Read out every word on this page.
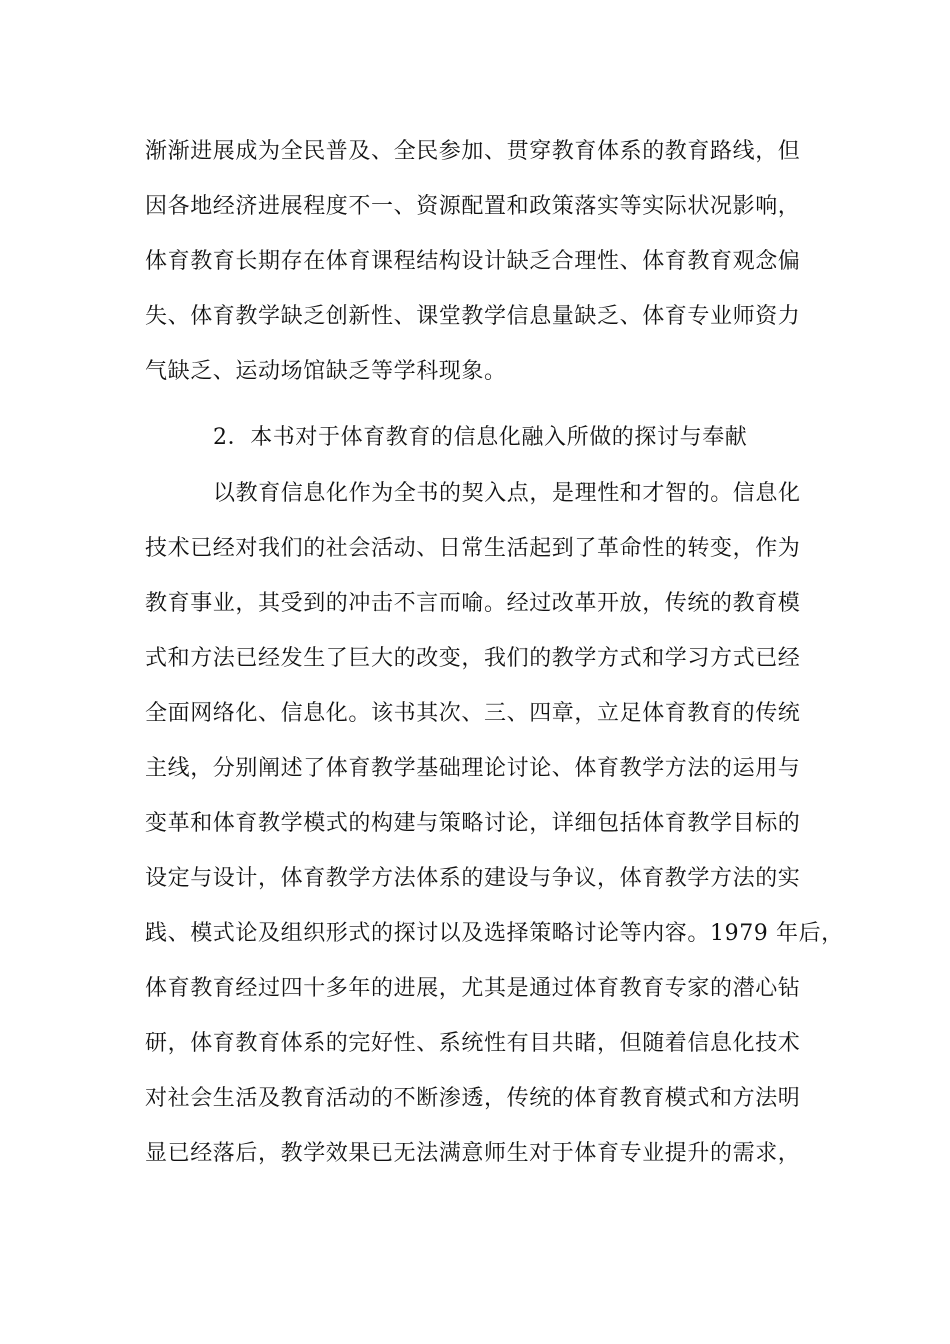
渐渐进展成为全民普及、全民参加、贯穿教育体系的教育路线，但
因各地经济进展程度不一、资源配置和政策落实等实际状况影响，
体育教育长期存在体育课程结构设计缺乏合理性、体育教育观念偏
失、体育教学缺乏创新性、课堂教学信息量缺乏、体育专业师资力
气缺乏、运动场馆缺乏等学科现象。
2．本书对于体育教育的信息化融入所做的探讨与奉献
以教育信息化作为全书的契入点，是理性和才智的。信息化
技术已经对我们的社会活动、日常生活起到了革命性的转变，作为
教育事业，其受到的冲击不言而喻。经过改革开放，传统的教育模
式和方法已经发生了巨大的改变，我们的教学方式和学习方式已经
全面网络化、信息化。该书其次、三、四章，立足体育教育的传统
主线，分别阐述了体育教学基础理论讨论、体育教学方法的运用与
变革和体育教学模式的构建与策略讨论，详细包括体育教学目标的
设定与设计，体育教学方法体系的建设与争议，体育教学方法的实
践、模式论及组织形式的探讨以及选择策略讨论等内容。1979 年后，
体育教育经过四十多年的进展，尤其是通过体育教育专家的潜心钻
研，体育教育体系的完好性、系统性有目共睹，但随着信息化技术
对社会生活及教育活动的不断渗透，传统的体育教育模式和方法明
显已经落后，教学效果已无法满意师生对于体育专业提升的需求，
